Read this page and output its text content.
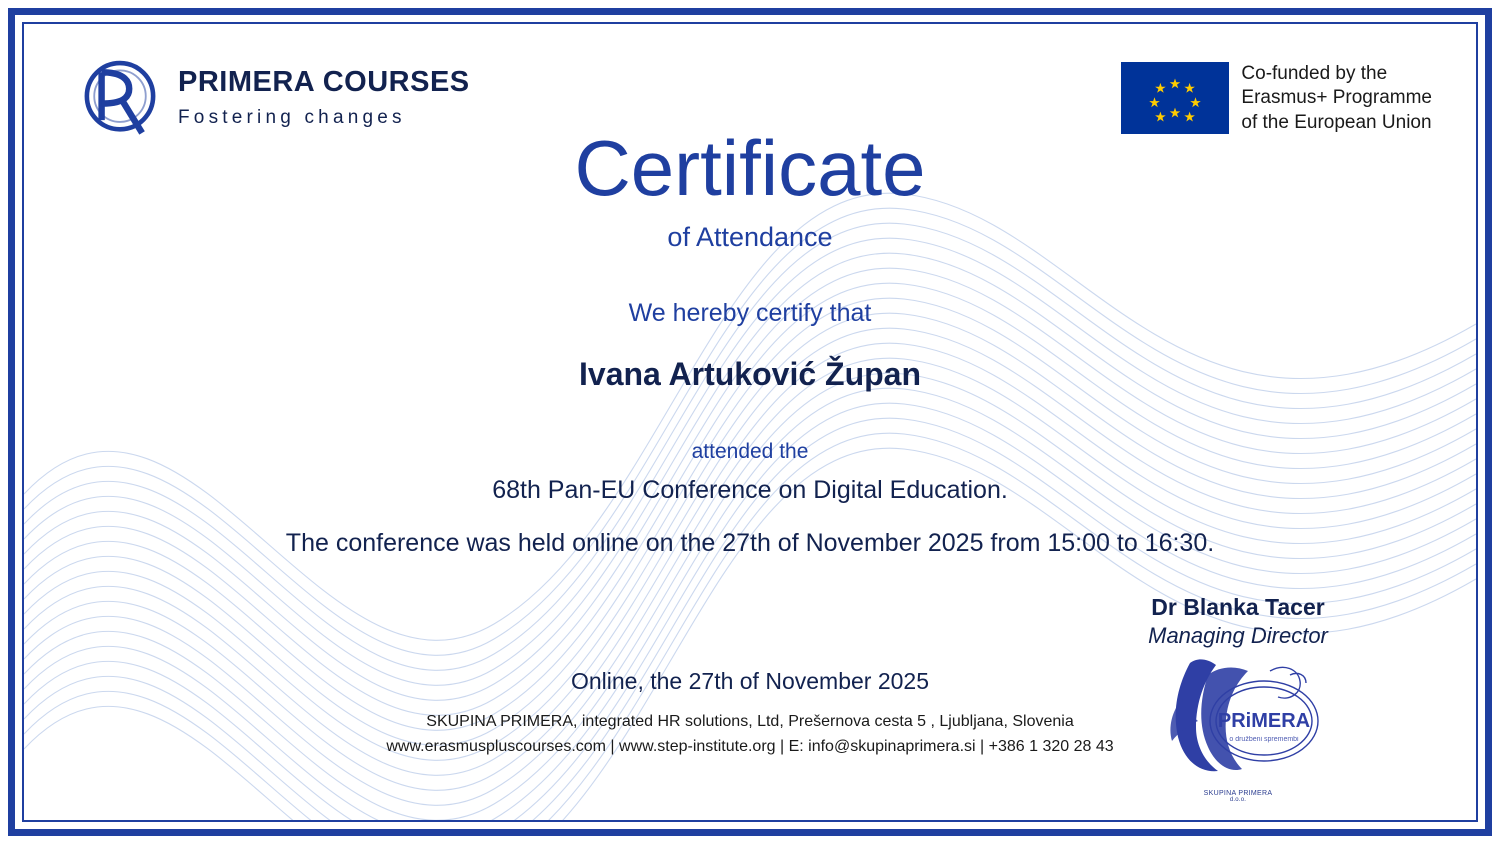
PRIMERA COURSES
Fostering changes
Co-funded by the
Erasmus+ Programme
of the European Union
Certificate
of Attendance
We hereby certify that
Ivana Artuković Župan
attended the
68th Pan-EU Conference on Digital Education.
The conference was held online on the 27th of November 2025 from 15:00 to 16:30.
Online, the 27th of November 2025
SKUPINA PRIMERA, integrated HR solutions, Ltd, Prešernova cesta 5 , Ljubljana, Slovenia
www.erasmuspluscourses.com | www.step-institute.org | E: info@skupinaprimera.si | +386 1 320 28 43
Dr Blanka Tacer
Managing Director
PRiMERA
o družbeni spremembi
SKUPINA PRIMERA
d.o.o.
